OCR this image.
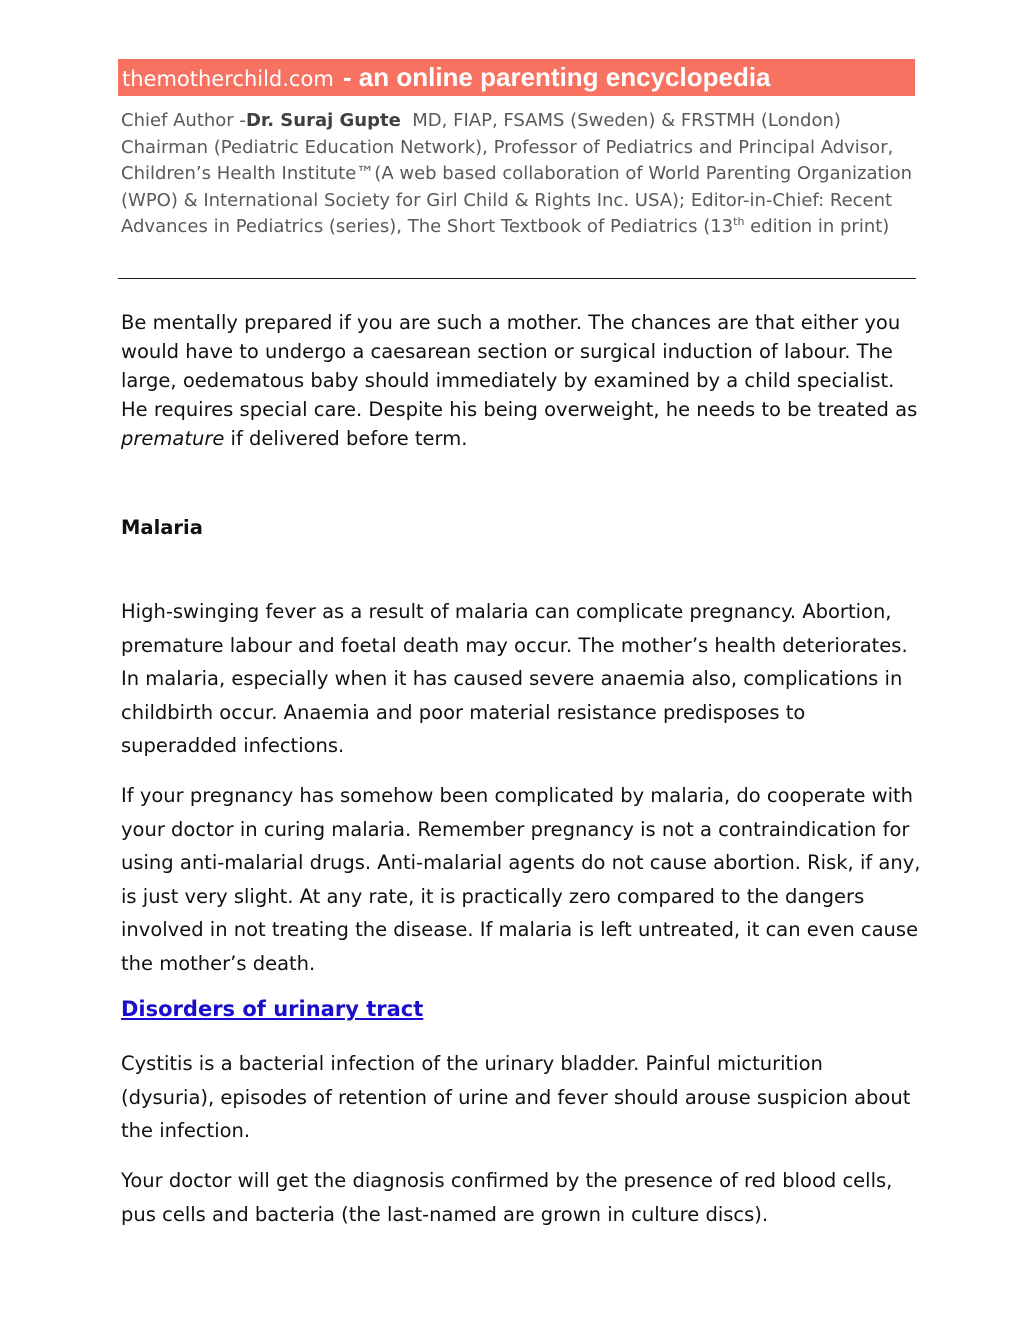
themotherchild.com - an online parenting encyclopedia
Chief Author -Dr. Suraj Gupte MD, FIAP, FSAMS (Sweden) & FRSTMH (London) Chairman (Pediatric Education Network), Professor of Pediatrics and Principal Advisor, Children’s Health Institute™(A web based collaboration of World Parenting Organization (WPO) & International Society for Girl Child & Rights Inc. USA); Editor-in-Chief: Recent Advances in Pediatrics (series), The Short Textbook of Pediatrics (13th edition in print)

Be mentally prepared if you are such a mother. The chances are that either you would have to undergo a caesarean section or surgical induction of labour. The large, oedematous baby should immediately by examined by a child specialist. He requires special care. Despite his being overweight, he needs to be treated as premature if delivered before term.

Malaria

High-swinging fever as a result of malaria can complicate pregnancy. Abortion, premature labour and foetal death may occur. The mother’s health deteriorates. In malaria, especially when it has caused severe anaemia also, complications in childbirth occur. Anaemia and poor material resistance predisposes to superadded infections.

If your pregnancy has somehow been complicated by malaria, do cooperate with your doctor in curing malaria. Remember pregnancy is not a contraindication for using anti-malarial drugs. Anti-malarial agents do not cause abortion. Risk, if any, is just very slight. At any rate, it is practically zero compared to the dangers involved in not treating the disease. If malaria is left untreated, it can even cause the mother’s death.

Disorders of urinary tract

Cystitis is a bacterial infection of the urinary bladder. Painful micturition (dysuria), episodes of retention of urine and fever should arouse suspicion about the infection.

Your doctor will get the diagnosis confirmed by the presence of red blood cells, pus cells and bacteria (the last-named are grown in culture discs).
